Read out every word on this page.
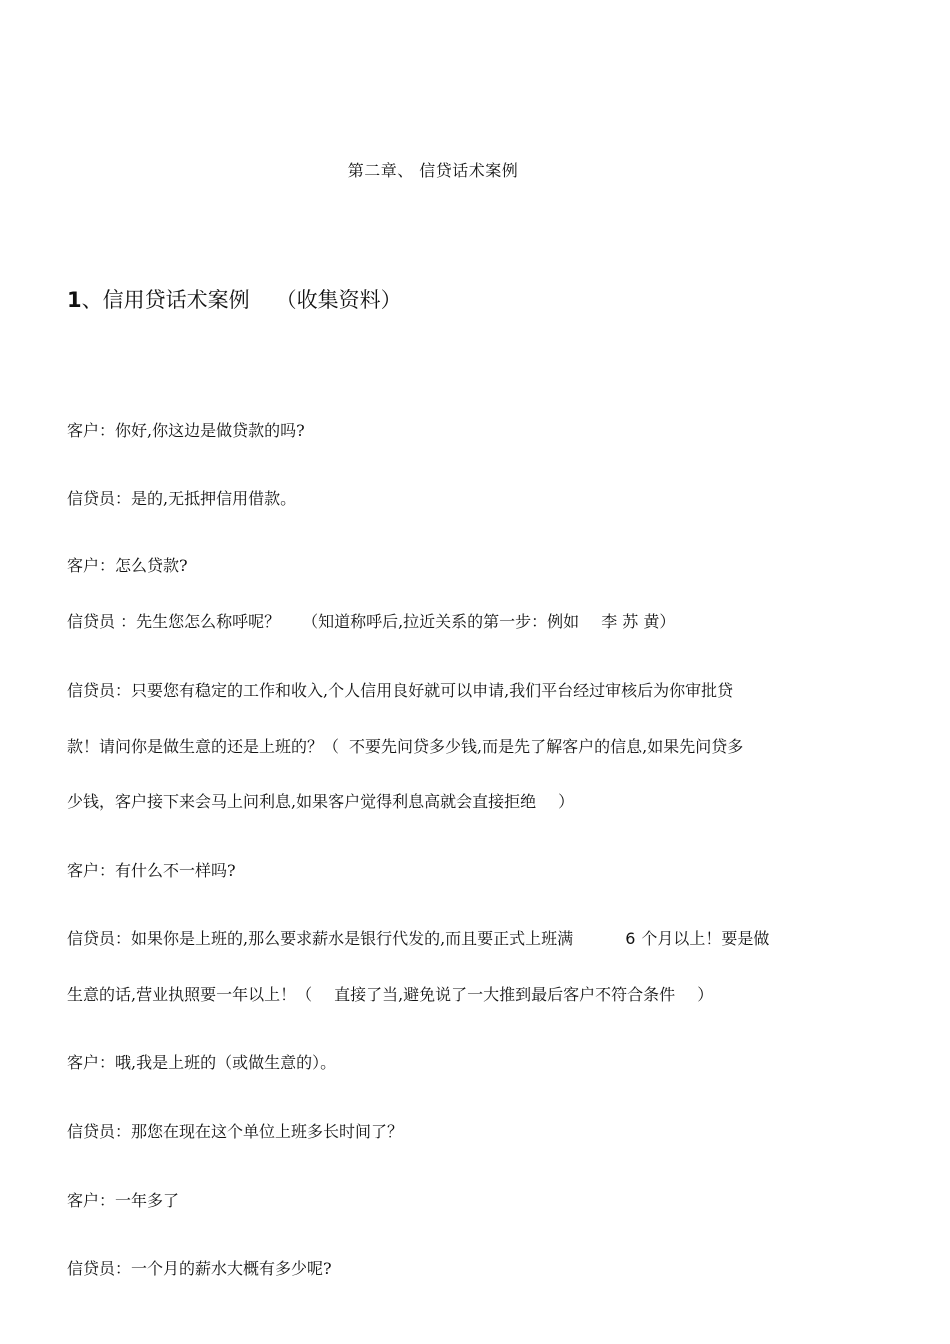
第二章、 信贷话术案例
1、信用贷话术案例 （收集资料）
客户：你好,你这边是做贷款的吗?
信贷员：是的,无抵押信用借款。
客户：怎么贷款?
信贷员 ：先生您怎么称呼呢？ （知道称呼后,拉近关系的第一步：例如 李 苏 黄）
信贷员：只要您有稳定的工作和收入,个人信用良好就可以申请,我们平台经过审核后为你审批贷
款！请问你是做生意的还是上班的？（ 不要先问贷多少钱,而是先了解客户的信息,如果先问贷多
少钱，客户接下来会马上问利息,如果客户觉得利息高就会直接拒绝 ）
客户：有什么不一样吗?
信贷员：如果你是上班的,那么要求薪水是银行代发的,而且要正式上班满	6 个月以上！要是做
生意的话,营业执照要一年以上！（ 直接了当,避免说了一大推到最后客户不符合条件 ）
客户：哦,我是上班的（或做生意的）。
信贷员：那您在现在这个单位上班多长时间了？
客户：一年多了
信贷员：一个月的薪水大概有多少呢?
